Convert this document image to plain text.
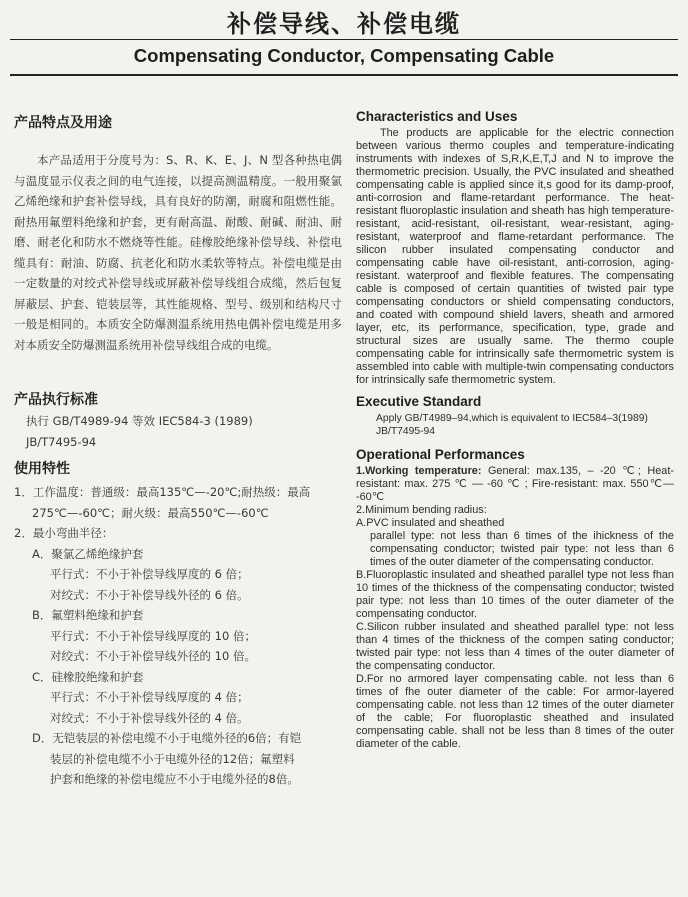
补偿导线、补偿电缆
Compensating Conductor, Compensating Cable

产品特点及用途

本产品适用于分度号为：S、R、K、E、J、N 型各种热电偶与温度显示仪表之间的电气连接，以提高测温精度。一般用聚氯乙烯绝缘和护套补偿导线，具有良好的防潮，耐腐和阻燃性能。耐热用氟塑料绝缘和护套，更有耐高温、耐酸、耐碱、耐油、耐磨、耐老化和防水不燃烧等性能。硅橡胶绝缘补偿导线、补偿电缆具有：耐油、防腐、抗老化和防水柔软等特点。补偿电缆是由一定数量的对绞式补偿导线或屏蔽补偿导线组合成缆，然后包复屏蔽层、护套、铠装层等，其性能规格、型号、级别和结构尺寸一般是相同的。本质安全防爆测温系统用热电偶补偿电缆是用多对本质安全防爆测温系统用补偿导线组合成的电缆。

产品执行标准

执行 GB/T4989-94 等效 IEC584-3 (1989)

JB/T7495-94

使用特性

1．工作温度：普通级：最高135℃—-20℃;耐热级：最高

275℃—-60℃；耐火级：最高550℃—-60℃

2．最小弯曲半径：

A．聚氯乙烯绝缘护套

平行式：不小于补偿导线厚度的 6 倍；

对绞式：不小于补偿导线外径的 6 倍。

B．氟塑料绝缘和护套

平行式：不小于补偿导线厚度的 10 倍；

对绞式：不小于补偿导线外径的 10 倍。

C．硅橡胶绝缘和护套

平行式：不小于补偿导线厚度的 4 倍；

对绞式：不小于补偿导线外径的 4 倍。

D．无铠装层的补偿电缆不小于电缆外径的6倍；有铠

装层的补偿电缆不小于电缆外径的12倍；氟塑料

护套和绝缘的补偿电缆应不小于电缆外径的8倍。

Characteristics and Uses

The products are applicable for the electric connection between various thermo couples and temperature-indicating instruments with indexes of S,R,K,E,T,J and N to improve the thermometric precision. Usually, the PVC insulated and sheathed compensating cable is applied since it,s good for its damp-proof, anti-corrosion and flame-retardant performance. The heat-resistant fluoroplastic insulation and sheath has high temperature-resistant, acid-resistant, oil-resistant, wear-resistant, aging-resistant, waterproof and flame-retardant performance. The silicon rubber insulated compensating conductor and compensating cable have oil-resistant, anti-corrosion, aging-resistant. waterproof and flexible features. The compensating cable is composed of certain quantities of twisted pair type compensating conductors or shield compensating conductors, and coated with compound shield lavers, sheath and armored layer, etc, its performance, specification, type, grade and structural sizes are usually same. The thermo couple compensating cable for intrinsically safe thermometric system is assembled into cable with multiple-twin compensating conductors for intrinsically safe thermometric system.

Executive Standard

Apply GB/T4989–94,which is equivalent to IEC584–3(1989)

JB/T7495-94

Operational Performances

1.Working temperature: General: max.135, – -20 ℃; Heat-resistant: max. 275 ℃ — -60 ℃ ; Fire-resistant: max. 550℃— -60℃

2.Minimum bending radius:

A.PVC insulated and sheathed

parallel type: not less than 6 times of the ihickness of the compensating conductor; twisted pair type: not less than 6 times of the outer diameter of the compensating conductor.

B.Fluoroplastic insulated and sheathed parallel type not less fhan 10 times of the thickness of the compensating conductor; twisted pair type: not less than 10 times of the outer diameter of the compensating conductor.

C.Silicon rubber insulated and sheathed parallel type: not less than 4 times of the thickness of the compen sating conductor; twisted pair type: not less than 4 times of the outer diameter of the compensating conductor.

D.For no armored layer compensating cable. not less than 6 times of fhe outer diameter of the cable: For armor-layered compensating cable. not less than 12 times of the outer diameter of the cable; For fluoroplastic sheathed and insulated compensating cable. shall not be less than 8 times of the outer diameter of the cable.
